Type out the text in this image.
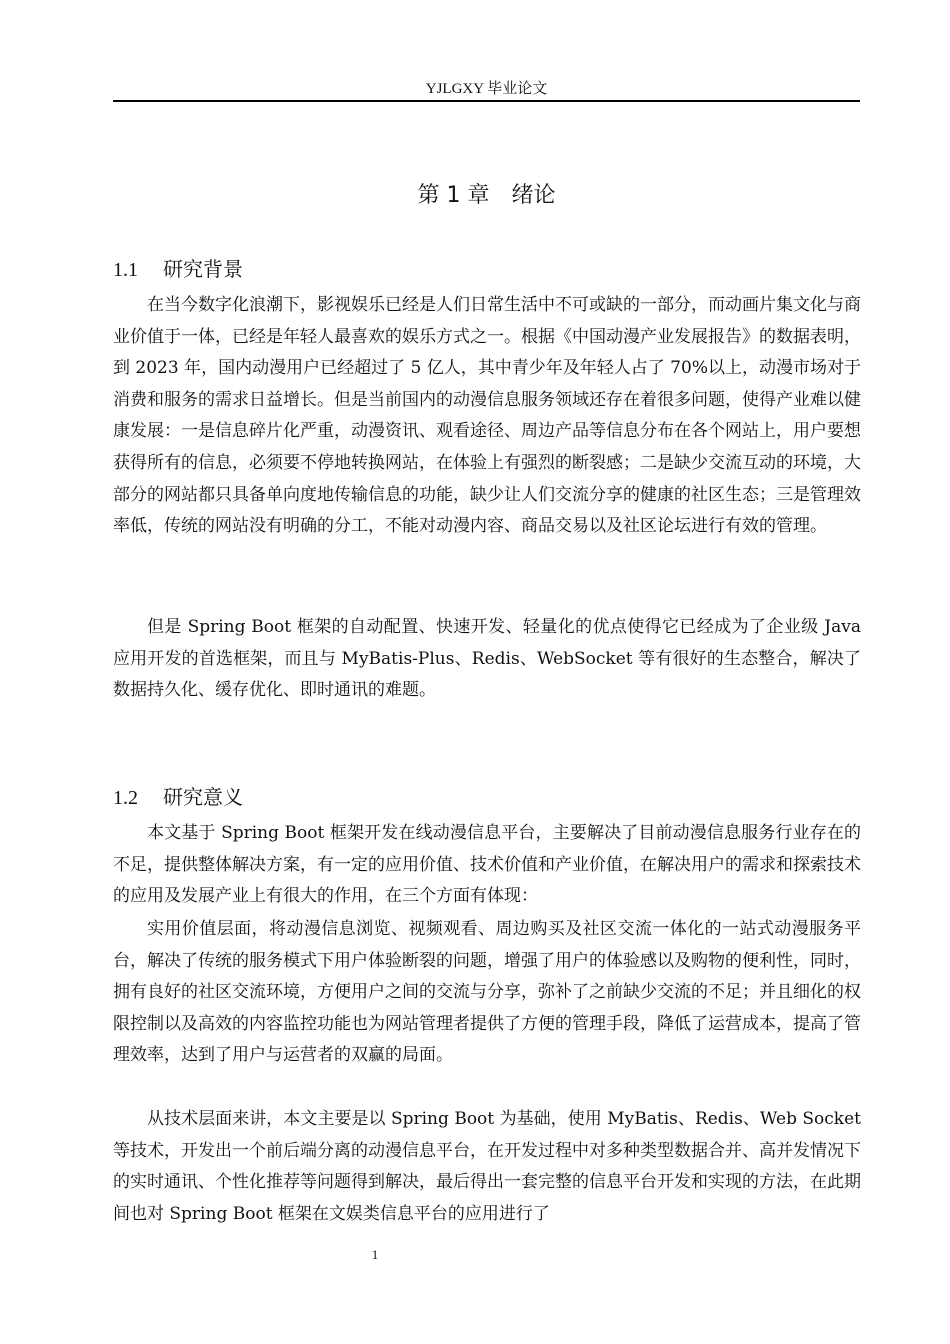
YJLGXY 毕业论文
第 1 章　绪论
1.1 研究背景

在当今数字化浪潮下，影视娱乐已经是人们日常生活中不可或缺的一部分，而动画片集文化与商业价值于一体，已经是年轻人最喜欢的娱乐方式之一。根据《中国动漫产业发展报告》的数据表明，到 2023 年，国内动漫用户已经超过了 5 亿人，其中青少年及年轻人占了 70%以上，动漫市场对于消费和服务的需求日益增长。但是当前国内的动漫信息服务领域还存在着很多问题，使得产业难以健康发展：一是信息碎片化严重，动漫资讯、观看途径、周边产品等信息分布在各个网站上，用户要想获得所有的信息，必须要不停地转换网站，在体验上有强烈的断裂感；二是缺少交流互动的环境，大部分的网站都只具备单向度地传输信息的功能，缺少让人们交流分享的健康的社区生态；三是管理效率低，传统的网站没有明确的分工，不能对动漫内容、商品交易以及社区论坛进行有效的管理。

但是 Spring Boot 框架的自动配置、快速开发、轻量化的优点使得它已经成为了企业级 Java 应用开发的首选框架，而且与 MyBatis-Plus、Redis、WebSocket 等有很好的生态整合，解决了数据持久化、缓存优化、即时通讯的难题。

1.2 研究意义

本文基于 Spring Boot 框架开发在线动漫信息平台，主要解决了目前动漫信息服务行业存在的不足，提供整体解决方案，有一定的应用价值、技术价值和产业价值，在解决用户的需求和探索技术的应用及发展产业上有很大的作用，在三个方面有体现：

实用价值层面，将动漫信息浏览、视频观看、周边购买及社区交流一体化的一站式动漫服务平台，解决了传统的服务模式下用户体验断裂的问题，增强了用户的体验感以及购物的便利性，同时，拥有良好的社区交流环境，方便用户之间的交流与分享，弥补了之前缺少交流的不足；并且细化的权限控制以及高效的内容监控功能也为网站管理者提供了方便的管理手段，降低了运营成本，提高了管理效率，达到了用户与运营者的双赢的局面。

从技术层面来讲，本文主要是以 Spring Boot 为基础，使用 MyBatis、Redis、Web Socket 等技术，开发出一个前后端分离的动漫信息平台，在开发过程中对多种类型数据合并、高并发情况下的实时通讯、个性化推荐等问题得到解决，最后得出一套完整的信息平台开发和实现的方法，在此期间也对 Spring Boot 框架在文娱类信息平台的应用进行了

1
